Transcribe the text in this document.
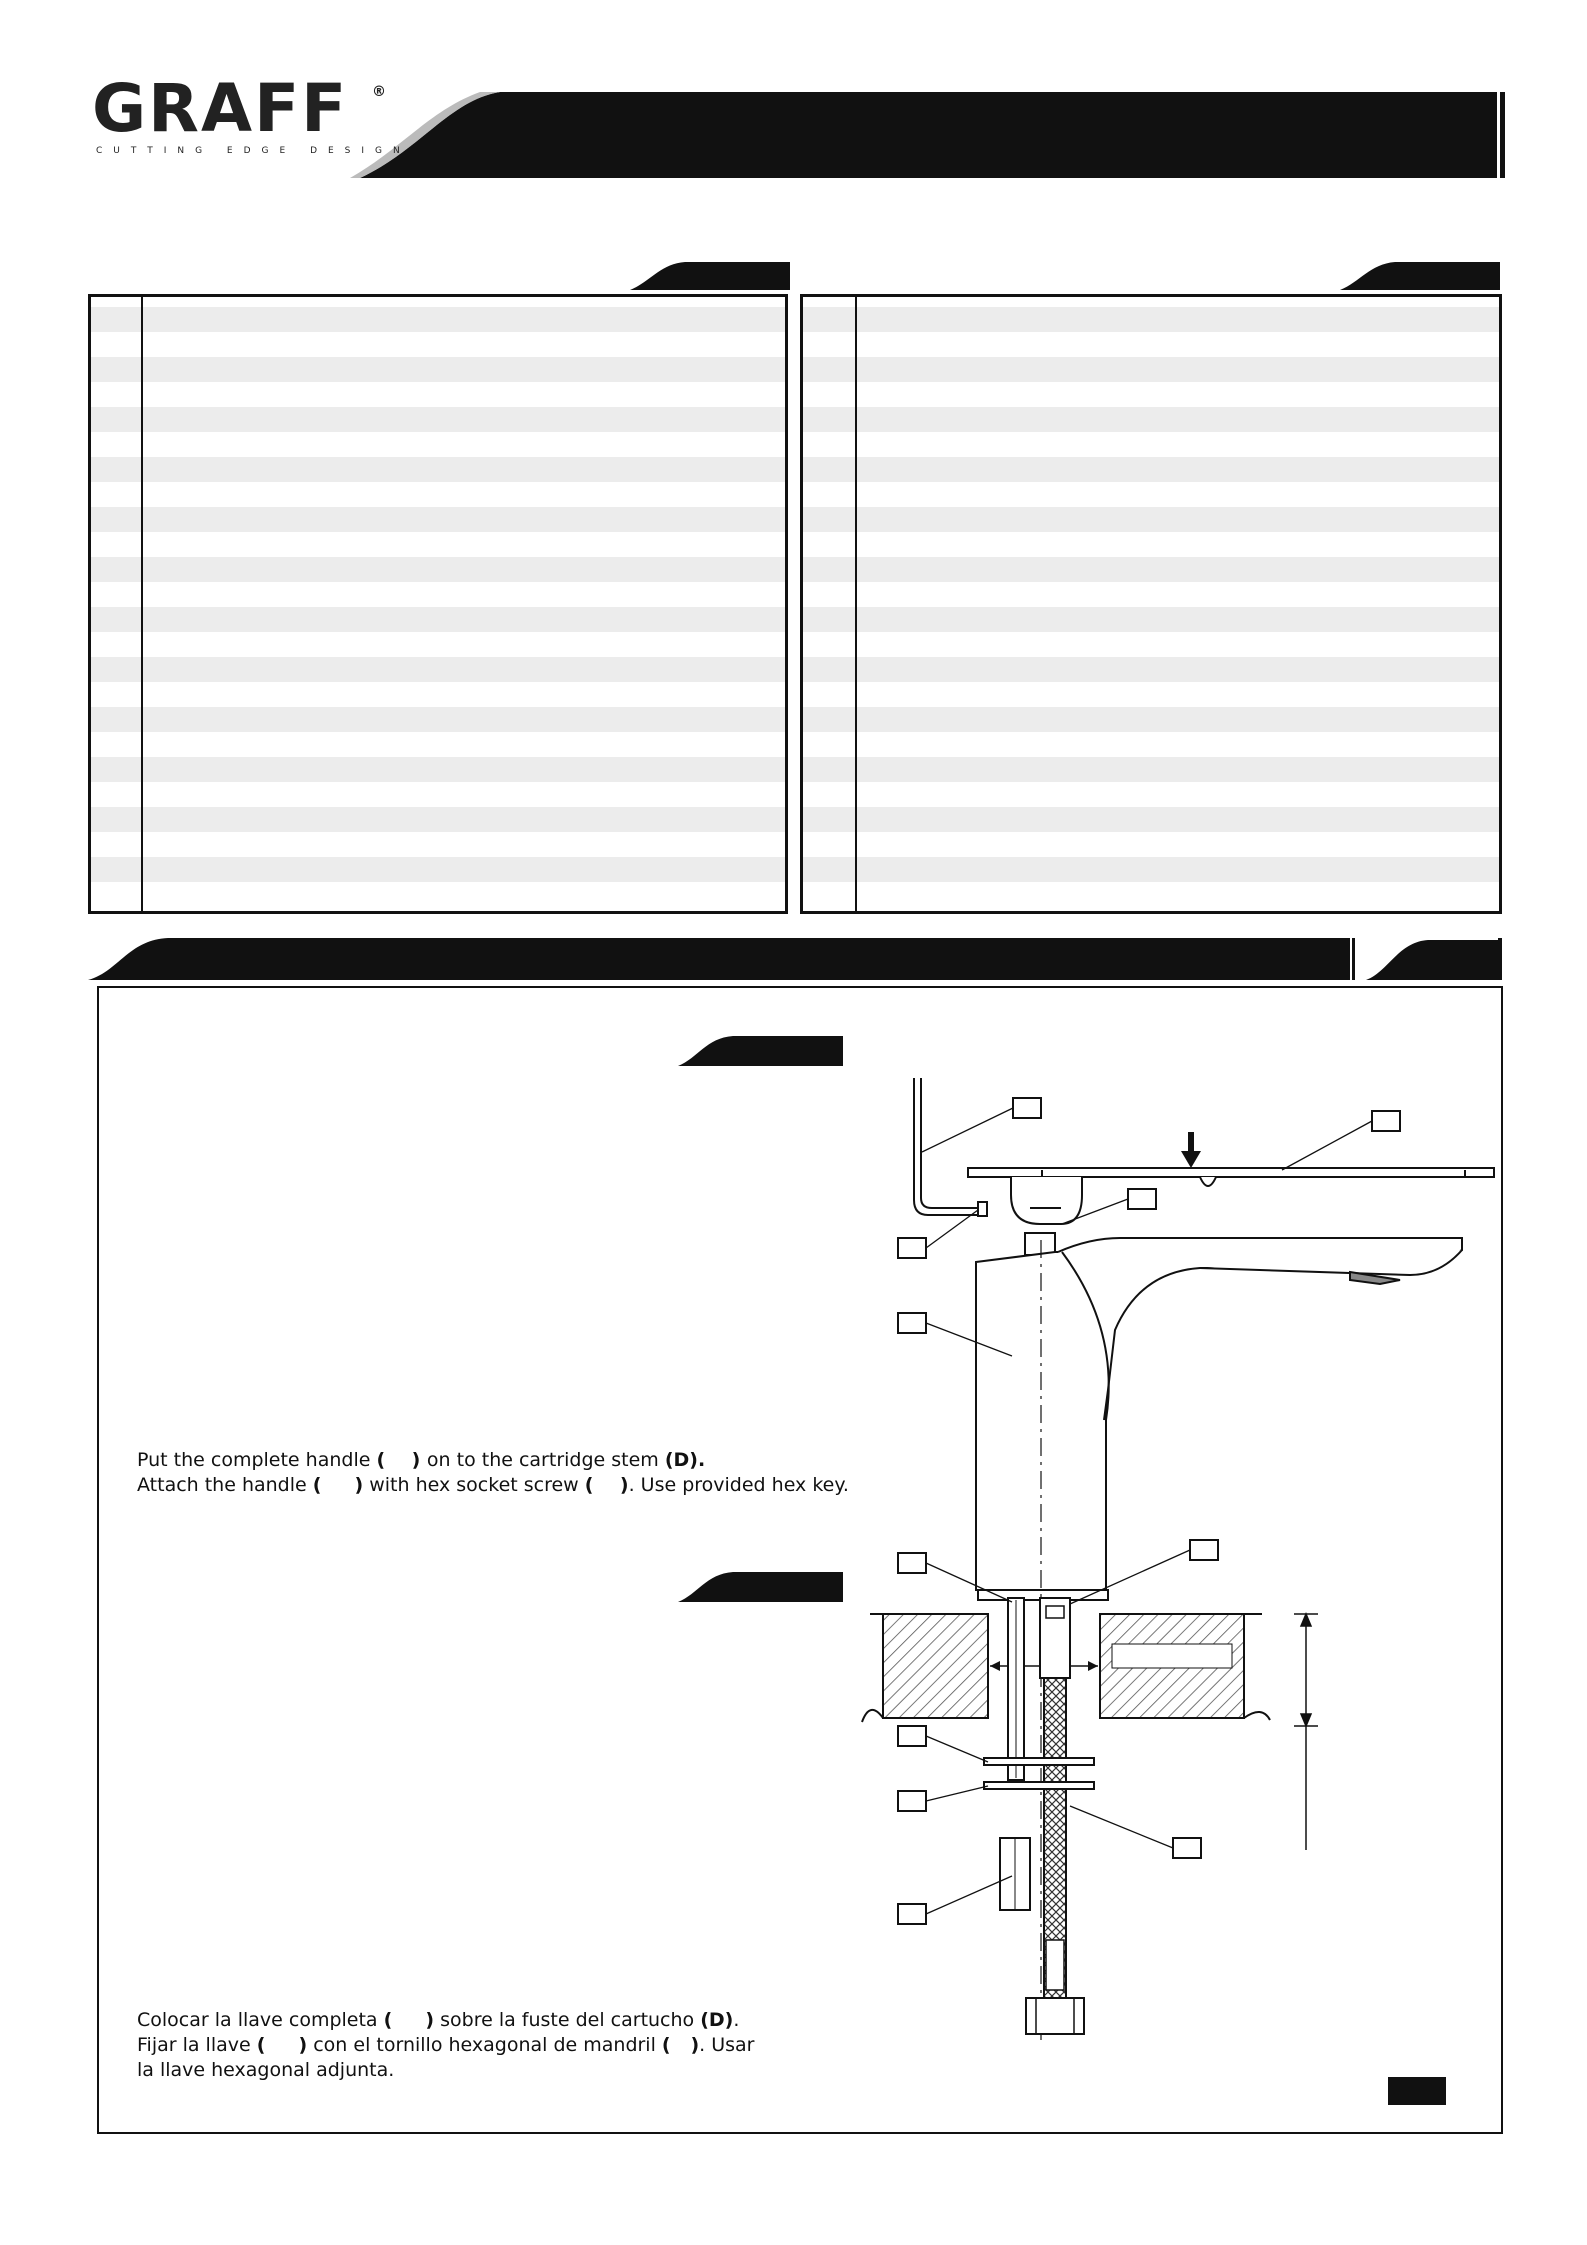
GRAFF ®
CUTTING EDGE DESIGN

Put the complete handle (    ) on to the cartridge stem (D).
Attach the handle (     ) with hex socket screw (    ). Use provided hex key.

Colocar la llave completa (     ) sobre la fuste del cartucho (D).
Fijar la llave (     ) con el tornillo hexagonal de mandril (   ). Usar
la llave hexagonal adjunta.
